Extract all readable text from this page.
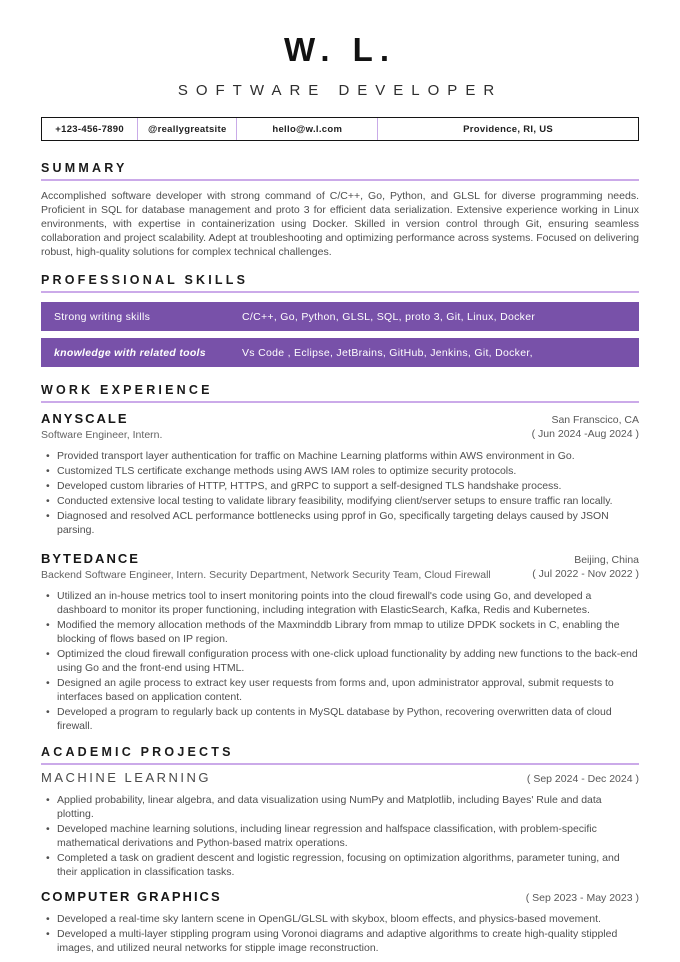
W. L.
SOFTWARE DEVELOPER
+123-456-7890	@reallygreatsite	hello@w.l.com	Providence, RI, US
SUMMARY

Accomplished software developer with strong command of C/C++, Go, Python, and GLSL for diverse programming needs. Proficient in SQL for database management and proto 3 for efficient data serialization. Extensive experience working in Linux environments, with expertise in containerization using Docker. Skilled in version control through Git, ensuring seamless collaboration and project scalability. Adept at troubleshooting and optimizing performance across systems. Focused on delivering robust, high-quality solutions for complex technical challenges.

PROFESSIONAL SKILLS
Strong writing skills	C/C++, Go, Python, GLSL, SQL, proto 3, Git, Linux, Docker
knowledge with related tools	Vs Code , Eclipse, JetBrains, GitHub, Jenkins, Git, Docker,
WORK EXPERIENCE
ANYSCALE	San Franscico, CA
Software Engineer, Intern.	( Jun 2024 -Aug 2024 )
• Provided transport layer authentication for traffic on Machine Learning platforms within AWS environment in Go.
• Customized TLS certificate exchange methods using AWS IAM roles to optimize security protocols.
• Developed custom libraries of HTTP, HTTPS, and gRPC to support a self-designed TLS handshake process.
• Conducted extensive local testing to validate library feasibility, modifying client/server setups to ensure traffic ran locally.
• Diagnosed and resolved ACL performance bottlenecks using pprof in Go, specifically targeting delays caused by JSON parsing.
BYTEDANCE	Beijing, China
Backend Software Engineer, Intern. Security Department, Network Security Team, Cloud Firewall	( Jul 2022 - Nov 2022 )
• Utilized an in-house metrics tool to insert monitoring points into the cloud firewall's code using Go, and developed a dashboard to monitor its proper functioning, including integration with ElasticSearch, Kafka, Redis and Kubernetes.
• Modified the memory allocation methods of the Maxminddb Library from mmap to utilize DPDK sockets in C, enabling the blocking of flows based on IP region.
• Optimized the cloud firewall configuration process with one-click upload functionality by adding new functions to the back-end using Go and the front-end using HTML.
• Designed an agile process to extract key user requests from forms and, upon administrator approval, submit requests to interfaces based on application content.
• Developed a program to regularly back up contents in MySQL database by Python, recovering overwritten data of cloud firewall.
ACADEMIC PROJECTS
MACHINE LEARNING	( Sep 2024 - Dec 2024 )
• Applied probability, linear algebra, and data visualization using NumPy and Matplotlib, including Bayes' Rule and data plotting.
• Developed machine learning solutions, including linear regression and halfspace classification, with problem-specific mathematical derivations and Python-based matrix operations.
• Completed a task on gradient descent and logistic regression, focusing on optimization algorithms, parameter tuning, and their application in classification tasks.
COMPUTER GRAPHICS	( Sep 2023 - May 2023 )
• Developed a real-time sky lantern scene in OpenGL/GLSL with skybox, bloom effects, and physics-based movement.
• Developed a multi-layer stippling program using Voronoi diagrams and adaptive algorithms to create high-quality stippled images, and utilized neural networks for stipple image reconstruction.
